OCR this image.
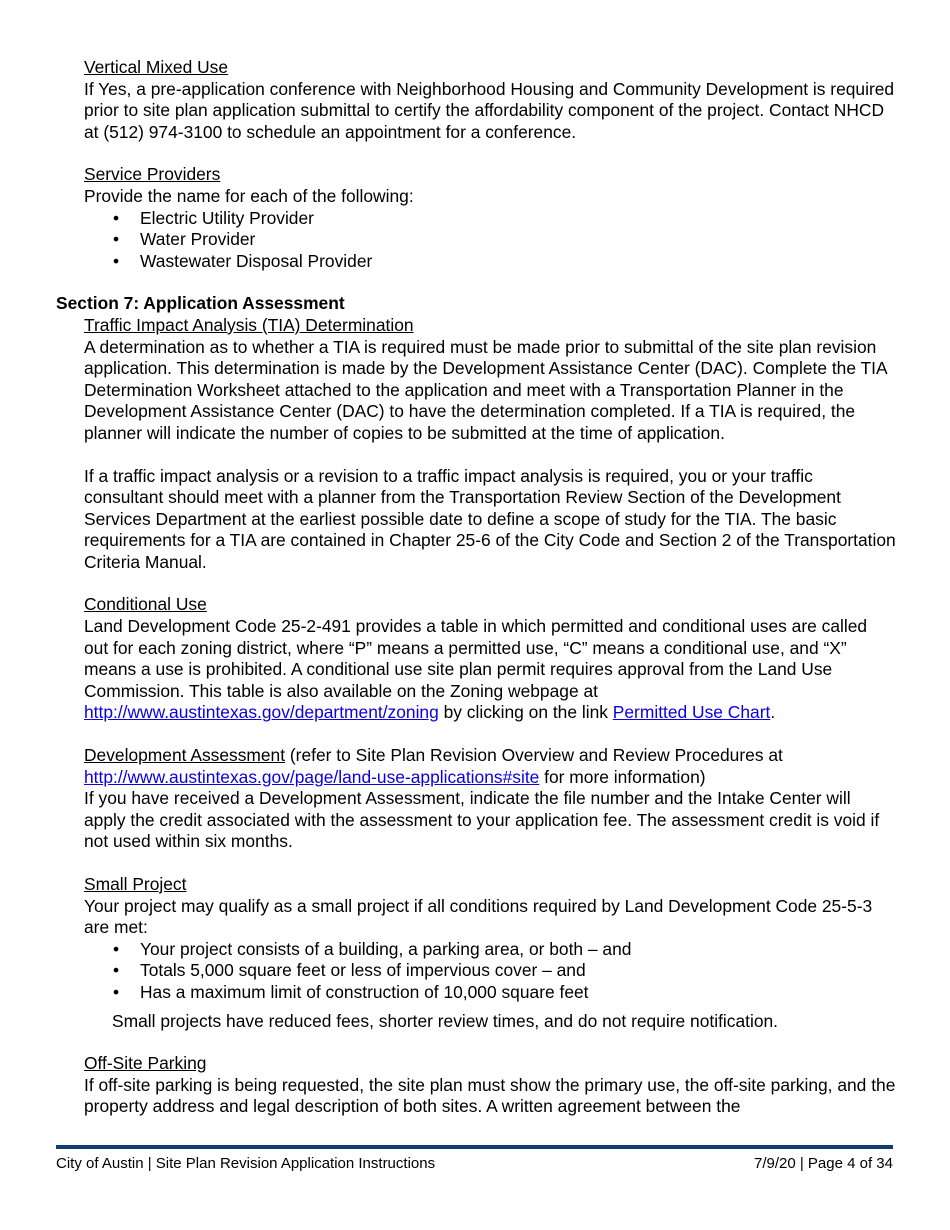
Vertical Mixed Use

If Yes, a pre-application conference with Neighborhood Housing and Community Development is required prior to site plan application submittal to certify the affordability component of the project. Contact NHCD at (512) 974-3100 to schedule an appointment for a conference.

Service Providers

Provide the name for each of the following:

• Electric Utility Provider
• Water Provider
• Wastewater Disposal Provider

Section 7: Application Assessment

Traffic Impact Analysis (TIA) Determination

A determination as to whether a TIA is required must be made prior to submittal of the site plan revision application. This determination is made by the Development Assistance Center (DAC). Complete the TIA Determination Worksheet attached to the application and meet with a Transportation Planner in the Development Assistance Center (DAC) to have the determination completed. If a TIA is required, the planner will indicate the number of copies to be submitted at the time of application.

If a traffic impact analysis or a revision to a traffic impact analysis is required, you or your traffic consultant should meet with a planner from the Transportation Review Section of the Development Services Department at the earliest possible date to define a scope of study for the TIA. The basic requirements for a TIA are contained in Chapter 25-6 of the City Code and Section 2 of the Transportation Criteria Manual.

Conditional Use

Land Development Code 25-2-491 provides a table in which permitted and conditional uses are called out for each zoning district, where “P” means a permitted use, “C” means a conditional use, and “X” means a use is prohibited. A conditional use site plan permit requires approval from the Land Use Commission. This table is also available on the Zoning webpage at http://www.austintexas.gov/department/zoning by clicking on the link Permitted Use Chart.

Development Assessment (refer to Site Plan Revision Overview and Review Procedures at
http://www.austintexas.gov/page/land-use-applications#site for more information)

If you have received a Development Assessment, indicate the file number and the Intake Center will apply the credit associated with the assessment to your application fee. The assessment credit is void if not used within six months.

Small Project

Your project may qualify as a small project if all conditions required by Land Development Code 25-5-3 are met:

• Your project consists of a building, a parking area, or both – and
• Totals 5,000 square feet or less of impervious cover – and
• Has a maximum limit of construction of 10,000 square feet

Small projects have reduced fees, shorter review times, and do not require notification.

Off-Site Parking

If off-site parking is being requested, the site plan must show the primary use, the off-site parking, and the property address and legal description of both sites. A written agreement between the

City of Austin | Site Plan Revision Application Instructions	7/9/20 | Page 4 of 34
